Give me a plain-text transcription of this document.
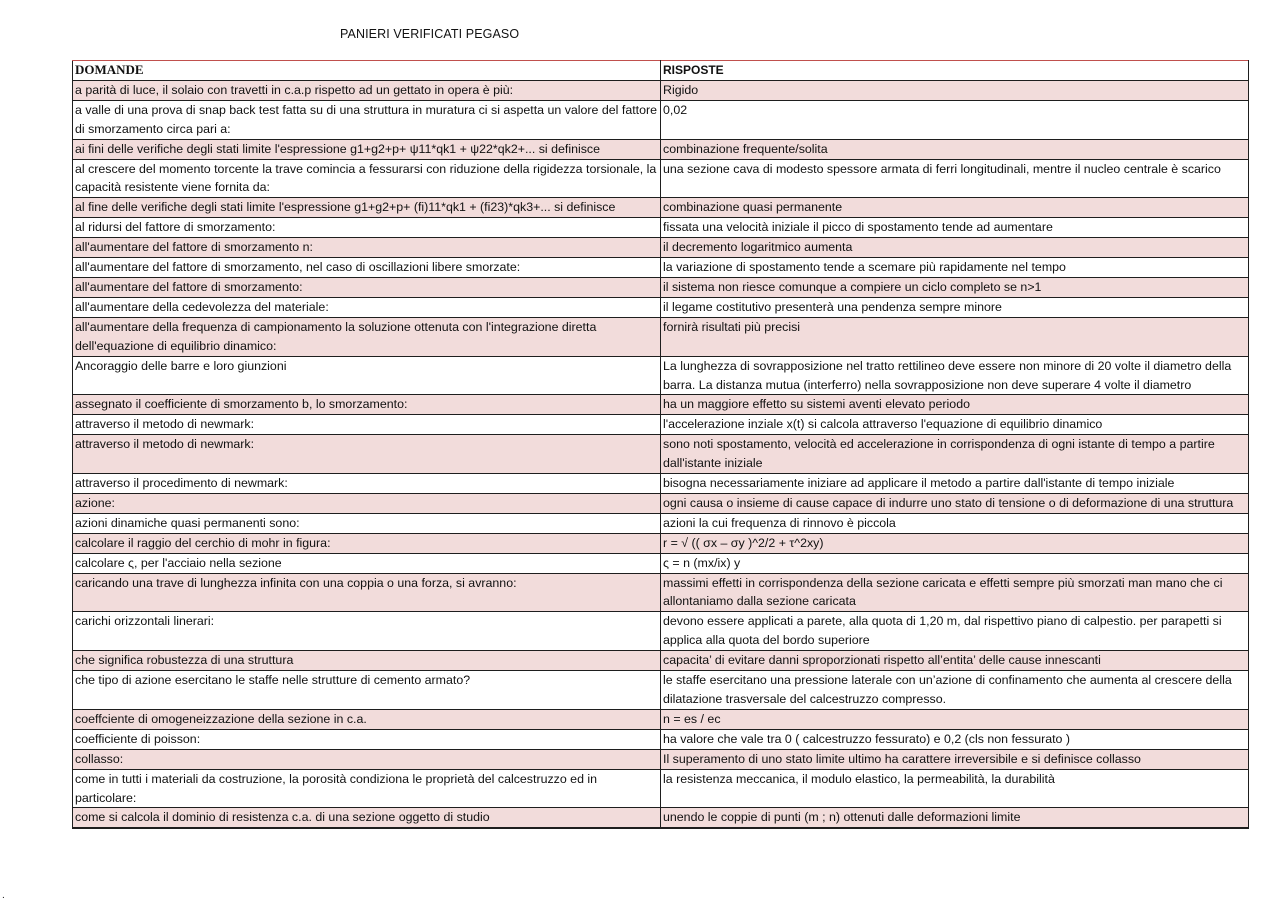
PANIERI VERIFICATI PEGASO
DOMANDE	RISPOSTE
a parità di luce, il solaio con travetti in c.a.p rispetto ad un gettato in opera è più:	Rigido
a valle di una prova di snap back test fatta su di una struttura in muratura ci si aspetta un valore del fattore di smorzamento circa pari a:	0,02
ai fini delle verifiche degli stati limite l'espressione g1+g2+p+ ψ11*qk1 + ψ22*qk2+... si definisce	combinazione frequente/solita
al crescere del momento torcente la trave comincia a fessurarsi con riduzione della rigidezza torsionale, la capacità resistente viene fornita da:	una sezione cava di modesto spessore armata di ferri longitudinali, mentre il nucleo centrale è scarico
al fine delle verifiche degli stati limite l'espressione g1+g2+p+ (fi)11*qk1 + (fi23)*qk3+... si definisce	combinazione quasi permanente
al ridursi del fattore di smorzamento:	fissata una velocità iniziale il picco di spostamento tende ad aumentare
all'aumentare del fattore di smorzamento n:	il decremento logaritmico aumenta
all'aumentare del fattore di smorzamento, nel caso di oscillazioni libere smorzate:	la variazione di spostamento tende a scemare più rapidamente nel tempo
all'aumentare del fattore di smorzamento:	il sistema non riesce comunque a compiere un ciclo completo se n>1
all'aumentare della cedevolezza del materiale:	il legame costitutivo presenterà una pendenza sempre minore
all'aumentare della frequenza di campionamento la soluzione ottenuta con l'integrazione diretta dell'equazione di equilibrio dinamico:	fornirà risultati più precisi
Ancoraggio delle barre e loro giunzioni	La lunghezza di sovrapposizione nel tratto rettilineo deve essere non minore di 20 volte il diametro della barra. La distanza mutua (interferro) nella sovrapposizione non deve superare 4 volte il diametro
assegnato il coefficiente di smorzamento b, lo smorzamento:	ha un maggiore effetto su sistemi aventi elevato periodo
attraverso il metodo di newmark:	l'accelerazione inziale x(t) si calcola attraverso l'equazione di equilibrio dinamico
attraverso il metodo di newmark:	sono noti spostamento, velocità ed accelerazione in corrispondenza di ogni istante di tempo a partire dall'istante iniziale
attraverso il procedimento di newmark:	bisogna necessariamente iniziare ad applicare il metodo a partire dall'istante di tempo iniziale
azione:	ogni causa o insieme di cause capace di indurre uno stato di tensione o di deformazione di una struttura
azioni dinamiche quasi permanenti sono:	azioni la cui frequenza di rinnovo è piccola
calcolare il raggio del cerchio di mohr in figura:	r = √ (( σx – σy )^2/2 + τ^2xy)
calcolare ς, per l'acciaio nella sezione	ς = n (mx/ix) y
caricando una trave di lunghezza infinita con una coppia o una forza, si avranno:	massimi effetti in corrispondenza della sezione caricata e effetti sempre più smorzati man mano che ci allontaniamo dalla sezione caricata
carichi orizzontali linerari:	devono essere applicati a parete, alla quota di 1,20 m, dal rispettivo piano di calpestio. per parapetti si applica alla quota del bordo superiore
che significa robustezza di una struttura	capacita’ di evitare danni sproporzionati rispetto all’entita’ delle cause innescanti
che tipo di azione esercitano le staffe nelle strutture di cemento armato?	le staffe esercitano una pressione laterale con un’azione di confinamento che aumenta al crescere della dilatazione trasversale del calcestruzzo compresso.
coeffciente di omogeneizzazione della sezione in c.a.	n = es / ec
coefficiente di poisson:	ha valore che vale tra 0 ( calcestruzzo fessurato) e 0,2 (cls non fessurato )
collasso:	Il superamento di uno stato limite ultimo ha carattere irreversibile e si definisce collasso
come in tutti i materiali da costruzione, la porosità condiziona le proprietà del calcestruzzo ed in particolare:	la resistenza meccanica, il modulo elastico, la permeabilità, la durabilità
come si calcola il dominio di resistenza c.a. di una sezione oggetto di studio	unendo le coppie di punti (m ; n) ottenuti dalle deformazioni limite
.
